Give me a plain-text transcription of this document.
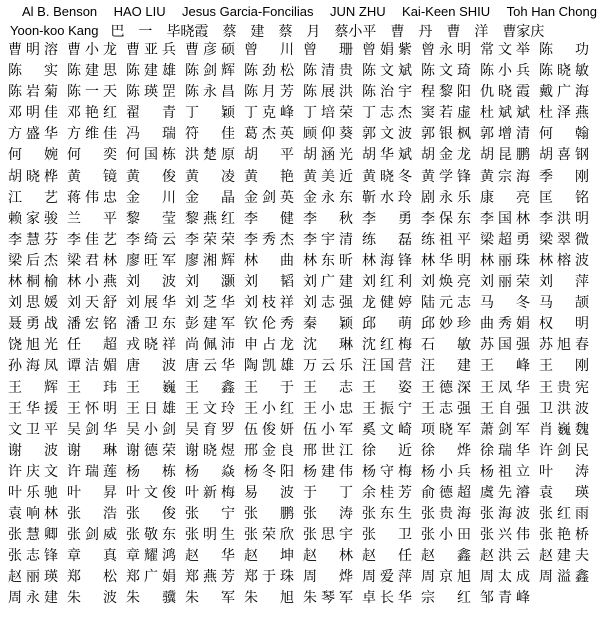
Al B. Benson HAO LIU Jesus Garcia-Foncilias JUN ZHU Kai-Keen SHIU Toh Han Chong
Yoon-koo Kang 巴　一 毕晓霞 蔡　建 蔡　月 蔡小平 曹　丹 曹　洋 曹家庆
曹 明 溶 曹 小 龙 曹 亚 兵 曹 彦 硕 曾 川 曾 珊 曾 娟 紫 曾 永 明 常 文 举 陈 功
陈 实 陈 建 思 陈 建 雄 陈 剑 辉 陈 劲 松 陈 清 贵 陈 文 斌 陈 文 琦 陈 小 兵 陈 晓 敏
陈 岩 菊 陈 一 天 陈 瑛 罡 陈 永 昌 陈 月 芳 陈 展 洪 陈 治 宇 程 黎 阳 仇 晓 霞 戴 广 海
邓 明 佳 邓 艳 红 翟 青 丁 颖 丁 克 峰 丁 培 荣 丁 志 杰 窦 若 虚 杜 斌 斌 杜 泽 燕
方 盛 华 方 维 佳 冯 瑞 符 佳 葛 杰 英 顾 仰 葵 郭 文 波 郭 银 枫 郭 增 清 何 翰
何 婉 何 奕 何 国 栋 洪 楚 原 胡 平 胡 涵 光 胡 华 斌 胡 金 龙 胡 昆 鹏 胡 喜 钢
胡 晓 桦 黄 镜 黄 俊 黄 凌 黄 艳 黄 美 近 黄 晓 冬 黄 学 锋 黄 宗 海 季 刚
江 艺 蒋 伟 忠 金 川 金 晶 金 剑 英 金 永 东 靳 水 玲 剧 永 乐 康 亮 匡 铭
赖 家 骏 兰 平 黎 莹 黎 燕 红 李 健 李 秋 李 勇 李 保 东 李 国 林 李 洪 明
李 慧 芬 李 佳 艺 李 绮 云 李 荣 荣 李 秀 杰 李 宇 清 练 磊 练 祖 平 梁 超 勇 梁 翠 微
梁 后 杰 梁 君 林 廖 旺 军 廖 湘 辉 林 曲 林 东 昕 林 海 锋 林 华 明 林 丽 珠 林 榕 波
林 桐 榆 林 小 燕 刘 波 刘 灏 刘 韬 刘 广 建 刘 红 利 刘 焕 亮 刘 丽 荣 刘 萍
刘 思 媛 刘 天 舒 刘 展 华 刘 芝 华 刘 枝 祥 刘 志 强 龙 健 婷 陆 元 志 马 冬 马 颉
聂 勇 战 潘 宏 铭 潘 卫 东 彭 建 军 钦 伦 秀 秦 颖 邱 萌 邱 妙 珍 曲 秀 娟 权 明
饶 旭 光 任 超 戎 晓 祥 尚 佩 沛 申 占 龙 沈 琳 沈 红 梅 石 敏 苏 国 强 苏 旭 春
孙 海 凤 谭 洁 媚 唐 波 唐 云 华 陶 凯 雄 万 云 乐 汪 国 营 汪 建 王 峰 王 刚
王 辉 王 玮 王 巍 王 鑫 王 于 王 志 王 姿 王 德 深 王 凤 华 王 贵 宪
王 华 援 王 怀 明 王 日 雄 王 文 玲 王 小 红 王 小 忠 王 振 宁 王 志 强 王 自 强 卫 洪 波
文 卫 平 吴 剑 华 吴 小 剑 吴 育 罗 伍 俊 妍 伍 小 军 奚 文 崎 项 晓 军 萧 剑 军 肖 巍 魏
谢 波 谢 琳 谢 德 荣 谢 晓 煜 邢 金 良 邢 世 江 徐 近 徐 烨 徐 瑞 华 许 剑 民
许 庆 文 许 瑞 莲 杨 栋 杨 焱 杨 冬 阳 杨 建 伟 杨 守 梅 杨 小 兵 杨 祖 立 叶 涛
叶 乐 驰 叶 昇 叶 文 俊 叶 新 梅 易 波 于 丁 余 桂 芳 俞 德 超 虞 先 濬 袁 瑛
袁 响 林 张 浩 张 俊 张 宁 张 鹏 张 涛 张 东 生 张 贵 海 张 海 波 张 红 雨
张 慧 卿 张 剑 威 张 敬 东 张 明 生 张 荣 欣 张 思 宇 张 卫 张 小 田 张 兴 伟 张 艳 桥
张 志 锋 章 真 章 耀 鸿 赵 华 赵 坤 赵 林 赵 任 赵 鑫 赵 洪 云 赵 建 夫
赵 丽 瑛 郑 松 郑 广 娟 郑 燕 芳 郑 于 珠 周 烨 周 爱 萍 周 京 旭 周 太 成 周 溢 鑫
周 永 建 朱 波 朱 骥 朱 军 朱 旭 朱 琴 军 卓 长 华 宗 红 邹 青 峰
